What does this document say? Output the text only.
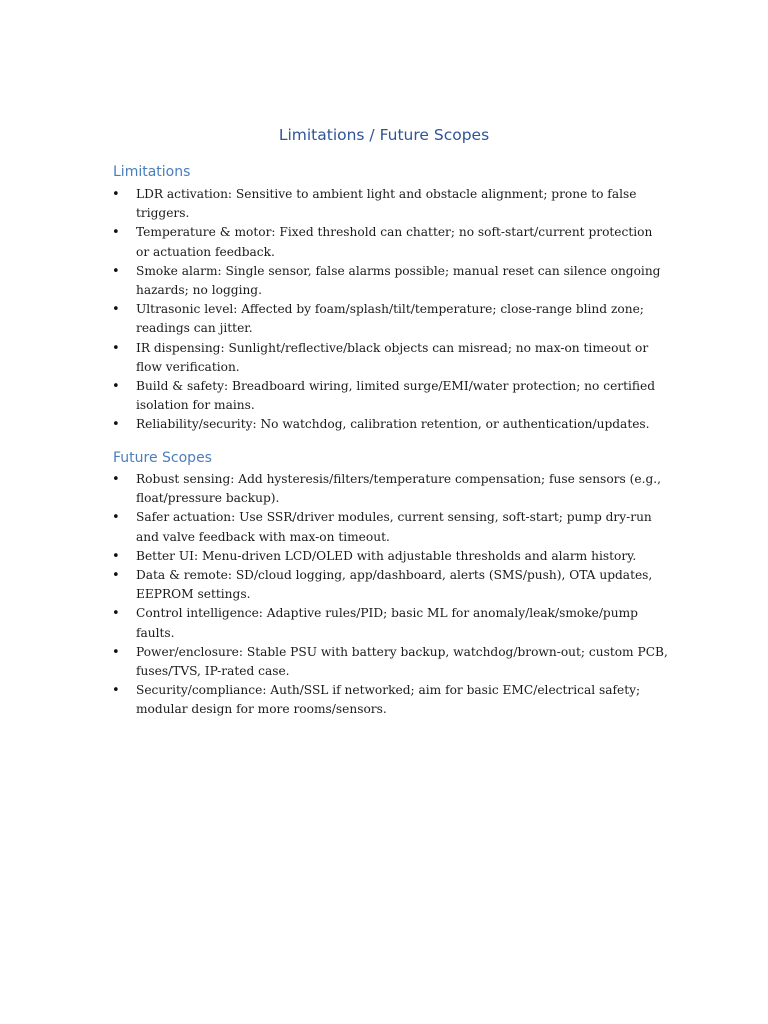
Limitations / Future Scopes
Limitations
• LDR activation: Sensitive to ambient light and obstacle alignment; prone to false triggers.
• Temperature & motor: Fixed threshold can chatter; no soft-start/current protection or actuation feedback.
• Smoke alarm: Single sensor, false alarms possible; manual reset can silence ongoing hazards; no logging.
• Ultrasonic level: Affected by foam/splash/tilt/temperature; close-range blind zone; readings can jitter.
• IR dispensing: Sunlight/reflective/black objects can misread; no max-on timeout or flow verification.
• Build & safety: Breadboard wiring, limited surge/EMI/water protection; no certified isolation for mains.
• Reliability/security: No watchdog, calibration retention, or authentication/updates.
Future Scopes
• Robust sensing: Add hysteresis/filters/temperature compensation; fuse sensors (e.g., float/pressure backup).
• Safer actuation: Use SSR/driver modules, current sensing, soft-start; pump dry-run and valve feedback with max-on timeout.
• Better UI: Menu-driven LCD/OLED with adjustable thresholds and alarm history.
• Data & remote: SD/cloud logging, app/dashboard, alerts (SMS/push), OTA updates, EEPROM settings.
• Control intelligence: Adaptive rules/PID; basic ML for anomaly/leak/smoke/pump faults.
• Power/enclosure: Stable PSU with battery backup, watchdog/brown-out; custom PCB, fuses/TVS, IP-rated case.
• Security/compliance: Auth/SSL if networked; aim for basic EMC/electrical safety; modular design for more rooms/sensors.
